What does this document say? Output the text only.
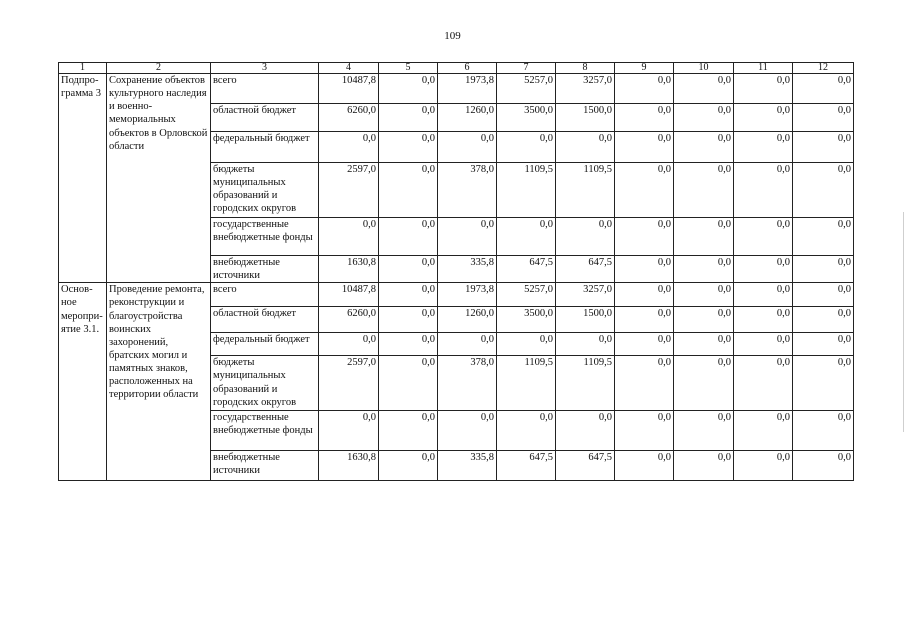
109
1	2	3	4	5	6	7	8	9	10	11	12
Подпро-грамма 3	Сохранение объектов культурного наследия и военно-мемориальных объектов в Орловской области	всего	10487,8	0,0	1973,8	5257,0	3257,0	0,0	0,0	0,0	0,0
		областной бюджет	6260,0	0,0	1260,0	3500,0	1500,0	0,0	0,0	0,0	0,0
		федеральный бюджет	0,0	0,0	0,0	0,0	0,0	0,0	0,0	0,0	0,0
		бюджеты муниципальных образований и городских округов	2597,0	0,0	378,0	1109,5	1109,5	0,0	0,0	0,0	0,0
		государственные внебюджетные фонды	0,0	0,0	0,0	0,0	0,0	0,0	0,0	0,0	0,0
		внебюджетные источники	1630,8	0,0	335,8	647,5	647,5	0,0	0,0	0,0	0,0
Основ-ное меропри-ятие 3.1.	Проведение ремонта, реконструкции и благоустройства воинских захоронений, братских могил и памятных знаков, расположенных на территории области	всего	10487,8	0,0	1973,8	5257,0	3257,0	0,0	0,0	0,0	0,0
		областной бюджет	6260,0	0,0	1260,0	3500,0	1500,0	0,0	0,0	0,0	0,0
		федеральный бюджет	0,0	0,0	0,0	0,0	0,0	0,0	0,0	0,0	0,0
		бюджеты муниципальных образований и городских округов	2597,0	0,0	378,0	1109,5	1109,5	0,0	0,0	0,0	0,0
		государственные внебюджетные фонды	0,0	0,0	0,0	0,0	0,0	0,0	0,0	0,0	0,0
		внебюджетные источники	1630,8	0,0	335,8	647,5	647,5	0,0	0,0	0,0	0,0
